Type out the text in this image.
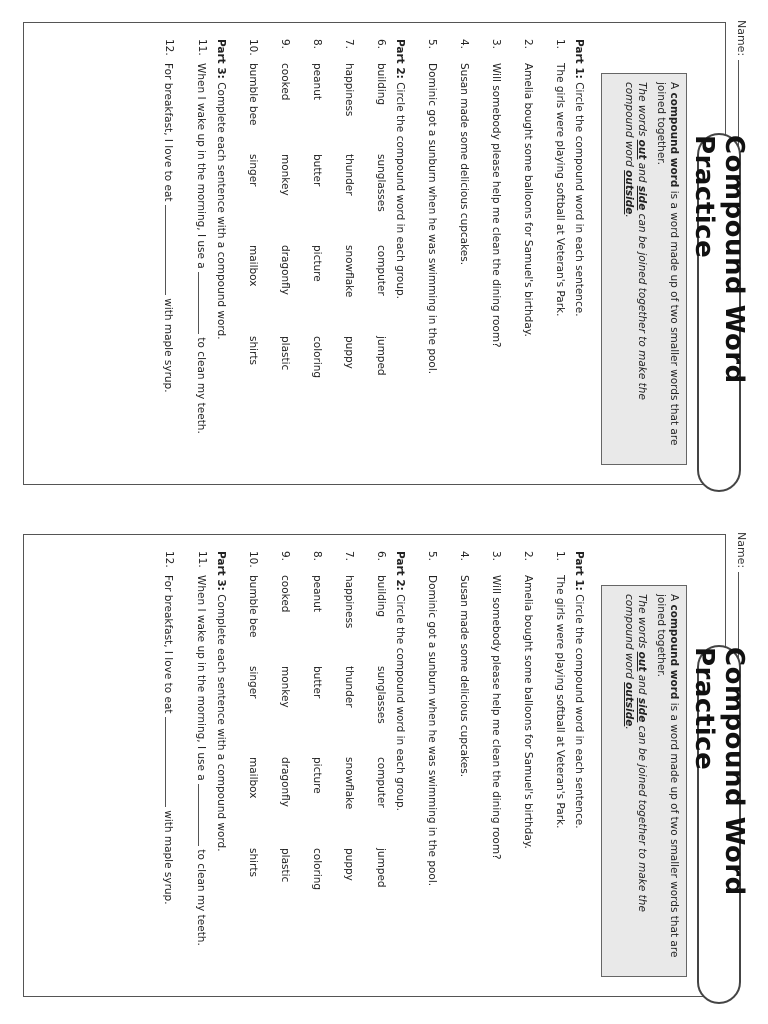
Name:
Compound Word Practice

A compound word is a word made up of two smaller words that are joined together.

The words out and side can be joined together to make the compound word outside.

Part 1: Circle the compound word in each sentence.
1.
The girls were playing softball at Veteran's Park.
2.
Amelia bought some balloons for Samuel's birthday.
3.
Will somebody please help me clean the dining room?
4.
Susan made some delicious cupcakes.
5.
Dominic got a sunburn when he was swimming in the pool.
Part 2: Circle the compound word in each group.
6.
building
sunglasses
computer
jumped
7.
happiness
thunder
snowflake
puppy
8.
peanut
butter
picture
coloring
9.
cooked
monkey
dragonfly
plastic
10.
bumble bee
singer
mailbox
shirts
Part 3: Complete each sentence with a compound word.
11.
When I wake up in the morning, I use a  to clean my teeth.
12.
For breakfast, I love to eat  with maple syrup.
Name:
Compound Word Practice

A compound word is a word made up of two smaller words that are joined together.

The words out and side can be joined together to make the compound word outside.

Part 1: Circle the compound word in each sentence.
1.
The girls were playing softball at Veteran's Park.
2.
Amelia bought some balloons for Samuel's birthday.
3.
Will somebody please help me clean the dining room?
4.
Susan made some delicious cupcakes.
5.
Dominic got a sunburn when he was swimming in the pool.
Part 2: Circle the compound word in each group.
6.
building
sunglasses
computer
jumped
7.
happiness
thunder
snowflake
puppy
8.
peanut
butter
picture
coloring
9.
cooked
monkey
dragonfly
plastic
10.
bumble bee
singer
mailbox
shirts
Part 3: Complete each sentence with a compound word.
11.
When I wake up in the morning, I use a  to clean my teeth.
12.
For breakfast, I love to eat  with maple syrup.
